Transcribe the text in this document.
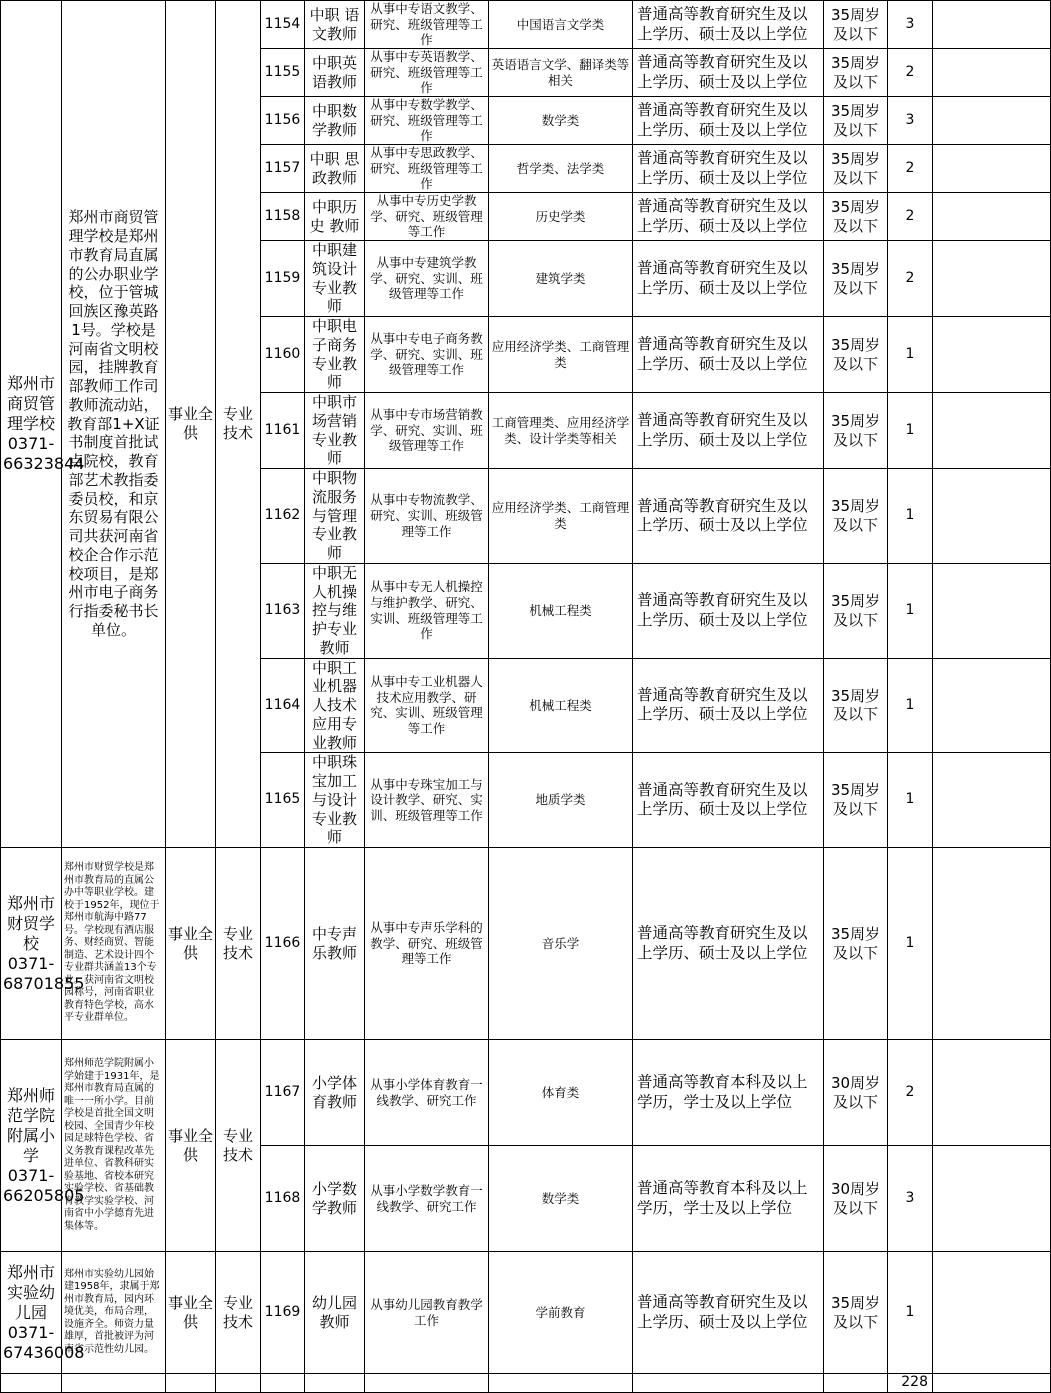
郑州市商贸管理学校0371-66323844	郑州市商贸管理学校是郑州市教育局直属的公办职业学校，位于管城回族区豫英路1号。学校是河南省文明校园，挂牌教育部教师工作司教师流动站，教育部1+X证书制度首批试点院校，教育部艺术教指委委员校，和京东贸易有限公司共获河南省校企合作示范校项目，是郑州市电子商务行指委秘书长单位。	事业全供	专业技术	1154	中职 语文教师	从事中专语文教学、研究、班级管理等工作	中国语言文学类	普通高等教育研究生及以上学历、硕士及以上学位	35周岁及以下	3	
				1155	中职英语教师	从事中专英语教学、研究、班级管理等工作	英语语言文学、翻译类等相关	普通高等教育研究生及以上学历、硕士及以上学位	35周岁及以下	2	
				1156	中职数学教师	从事中专数学教学、研究、班级管理等工作	数学类	普通高等教育研究生及以上学历、硕士及以上学位	35周岁及以下	3	
				1157	中职 思政教师	从事中专思政教学、研究、班级管理等工作	哲学类、法学类	普通高等教育研究生及以上学历、硕士及以上学位	35周岁及以下	2	
				1158	中职历史 教师	从事中专历史学教学、研究、班级管理等工作	历史学类	普通高等教育研究生及以上学历、硕士及以上学位	35周岁及以下	2	
				1159	中职建筑设计专业教师	从事中专建筑学教学、研究、实训、班级管理等工作	建筑学类	普通高等教育研究生及以上学历、硕士及以上学位	35周岁及以下	2	
				1160	中职电子商务专业教师	从事中专电子商务教学、研究、实训、班级管理等工作	应用经济学类、工商管理类	普通高等教育研究生及以上学历、硕士及以上学位	35周岁及以下	1	
				1161	中职市场营销专业教师	从事中专市场营销教学、研究、实训、班级管理等工作	工商管理类、应用经济学类、设计学类等相关	普通高等教育研究生及以上学历、硕士及以上学位	35周岁及以下	1	
				1162	中职物流服务与管理专业教师	从事中专物流教学、研究、实训、班级管理等工作	应用经济学类、工商管理类	普通高等教育研究生及以上学历、硕士及以上学位	35周岁及以下	1	
				1163	中职无人机操控与维护专业教师	从事中专无人机操控与维护教学、研究、实训、班级管理等工作	机械工程类	普通高等教育研究生及以上学历、硕士及以上学位	35周岁及以下	1	
				1164	中职工业机器人技术应用专业教师	从事中专工业机器人技术应用教学、研究、实训、班级管理等工作	机械工程类	普通高等教育研究生及以上学历、硕士及以上学位	35周岁及以下	1	
				1165	中职珠宝加工与设计专业教师	从事中专珠宝加工与设计教学、研究、实训、班级管理等工作	地质学类	普通高等教育研究生及以上学历、硕士及以上学位	35周岁及以下	1	
郑州市财贸学校0371-68701855	郑州市财贸学校是郑州市教育局的直属公办中等职业学校。建校于1952年，现位于郑州市航海中路77号。学校现有酒店服务、财经商贸、智能制造、艺术设计四个专业群共涵盖13个专业。获河南省文明校园称号，河南省职业教育特色学校，高水平专业群单位。	事业全供	专业技术	1166	中专声乐教师	从事中专声乐学科的教学、研究、班级管理等工作	音乐学	普通高等教育研究生及以上学历、硕士及以上学位	35周岁及以下	1	
郑州师范学院附属小学0371-66205805	郑州师范学院附属小学始建于1931年，是郑州市教育局直属的唯一一所小学。目前学校是首批全国文明校园、全国青少年校园足球特色学校、省义务教育课程改革先进单位、省教科研实验基地、省校本研究实验学校、省基础教育教学实验学校、河南省中小学德育先进集体等。	事业全供	专业技术	1167	小学体育教师	从事小学体育教育一线教学、研究工作	体育类	普通高等教育本科及以上学历，学士及以上学位	30周岁及以下	2	
				1168	小学数学教师	从事小学数学教育一线教学、研究工作	数学类	普通高等教育本科及以上学历，学士及以上学位	30周岁及以下	3	
郑州市实验幼儿园0371-67436008	郑州市实验幼儿园始建1958年，隶属于郑州市教育局，园内环境优美，布局合理，设施齐全。师资力量雄厚，首批被评为河南省示范性幼儿园。	事业全供	专业技术	1169	幼儿园教师	从事幼儿园教育教学工作	学前教育	普通高等教育研究生及以上学历、硕士及以上学位	35周岁及以下	1	
										228	
